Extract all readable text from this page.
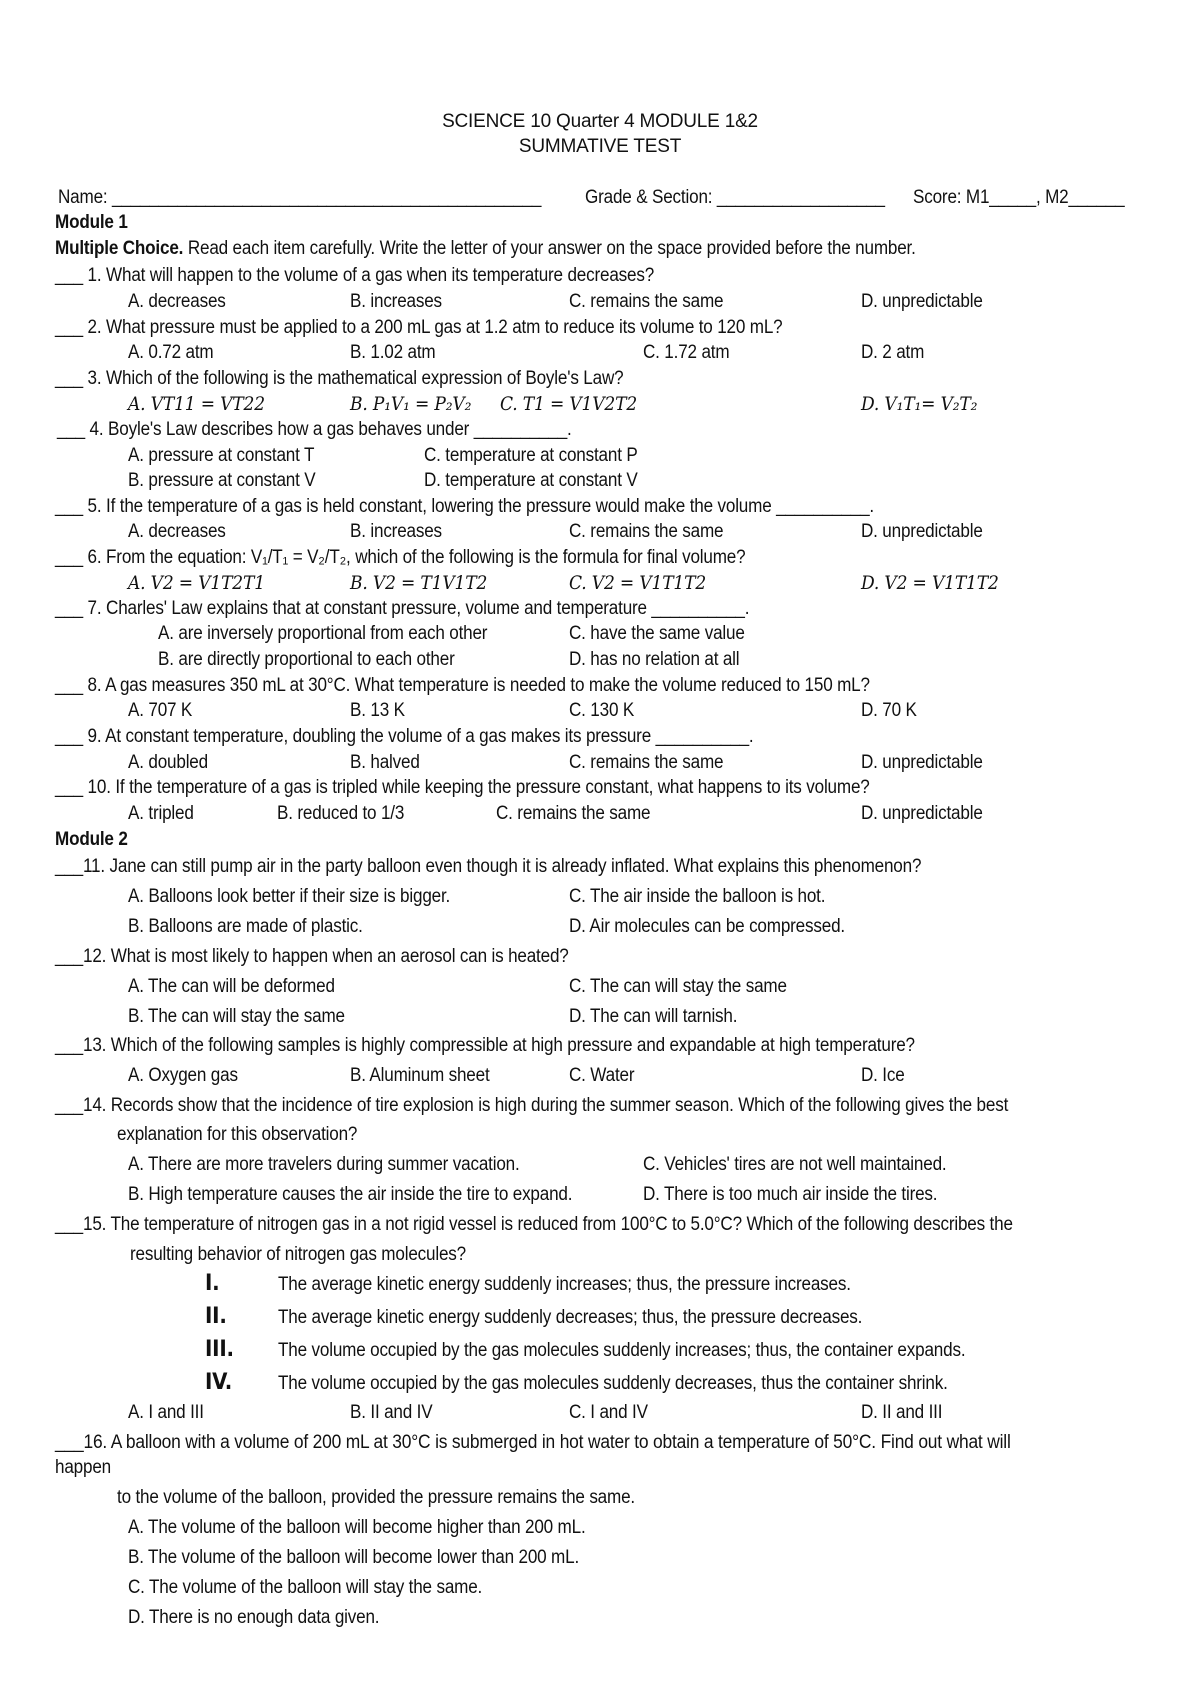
SCIENCE 10 Quarter 4 MODULE 1&2
SUMMATIVE TEST
Name: ______________________________________________ Grade & Section: __________________ Score: M1_____, M2______
Module 1
Multiple Choice. Read each item carefully. Write the letter of your answer on the space provided before the number.
___ 1. What will happen to the volume of a gas when its temperature decreases?
A. decreases	B. increases	C. remains the same	D. unpredictable
___ 2. What pressure must be applied to a 200 mL gas at 1.2 atm to reduce its volume to 120 mL?
A. 0.72 atm	B. 1.02 atm	C. 1.72 atm	D. 2 atm
___ 3. Which of the following is the mathematical expression of Boyle's Law?
A. VT11 = VT22	B. P₁V₁ = P₂V₂ C. T1 = V1V2T2	D. V₁T₁= V₂T₂
___ 4. Boyle's Law describes how a gas behaves under __________.
A. pressure at constant T	C. temperature at constant P
B. pressure at constant V	D. temperature at constant V
___ 5. If the temperature of a gas is held constant, lowering the pressure would make the volume __________.
A. decreases	B. increases	C. remains the same	D. unpredictable
___ 6. From the equation: V₁/T₁ = V₂/T₂, which of the following is the formula for final volume?
A. V2 = V1T2T1	B. V2 = T1V1T2	C. V2 = V1T1T2	D. V2 = V1T1T2
___ 7. Charles' Law explains that at constant pressure, volume and temperature __________.
A. are inversely proportional from each other	C. have the same value
B. are directly proportional to each other	D. has no relation at all
___ 8. A gas measures 350 mL at 30°C. What temperature is needed to make the volume reduced to 150 mL?
A. 707 K	B. 13 K	C. 130 K	D. 70 K
___ 9. At constant temperature, doubling the volume of a gas makes its pressure __________.
A. doubled	B. halved	C. remains the same	D. unpredictable
___ 10. If the temperature of a gas is tripled while keeping the pressure constant, what happens to its volume?
A. tripled	B. reduced to 1/3	C. remains the same	D. unpredictable
Module 2
___11. Jane can still pump air in the party balloon even though it is already inflated. What explains this phenomenon?
A. Balloons look better if their size is bigger.	C. The air inside the balloon is hot.
B. Balloons are made of plastic.	D. Air molecules can be compressed.
___12. What is most likely to happen when an aerosol can is heated?
A. The can will be deformed	C. The can will stay the same
B. The can will stay the same	D. The can will tarnish.
___13. Which of the following samples is highly compressible at high pressure and expandable at high temperature?
A. Oxygen gas	B. Aluminum sheet	C. Water	D. Ice
___14. Records show that the incidence of tire explosion is high during the summer season. Which of the following gives the best
explanation for this observation?
A. There are more travelers during summer vacation.	C. Vehicles' tires are not well maintained.
B. High temperature causes the air inside the tire to expand.	D. There is too much air inside the tires.
___15. The temperature of nitrogen gas in a not rigid vessel is reduced from 100°C to 5.0°C? Which of the following describes the
resulting behavior of nitrogen gas molecules?
I.	The average kinetic energy suddenly increases; thus, the pressure increases.
II.	The average kinetic energy suddenly decreases; thus, the pressure decreases.
III. The volume occupied by the gas molecules suddenly increases; thus, the container expands.
IV. The volume occupied by the gas molecules suddenly decreases, thus the container shrink.
A. I and III	B. II and IV	C. I and IV	D. II and III
___16. A balloon with a volume of 200 mL at 30°C is submerged in hot water to obtain a temperature of 50°C. Find out what will
happen
to the volume of the balloon, provided the pressure remains the same.
A. The volume of the balloon will become higher than 200 mL.
B. The volume of the balloon will become lower than 200 mL.
C. The volume of the balloon will stay the same.
D. There is no enough data given.
